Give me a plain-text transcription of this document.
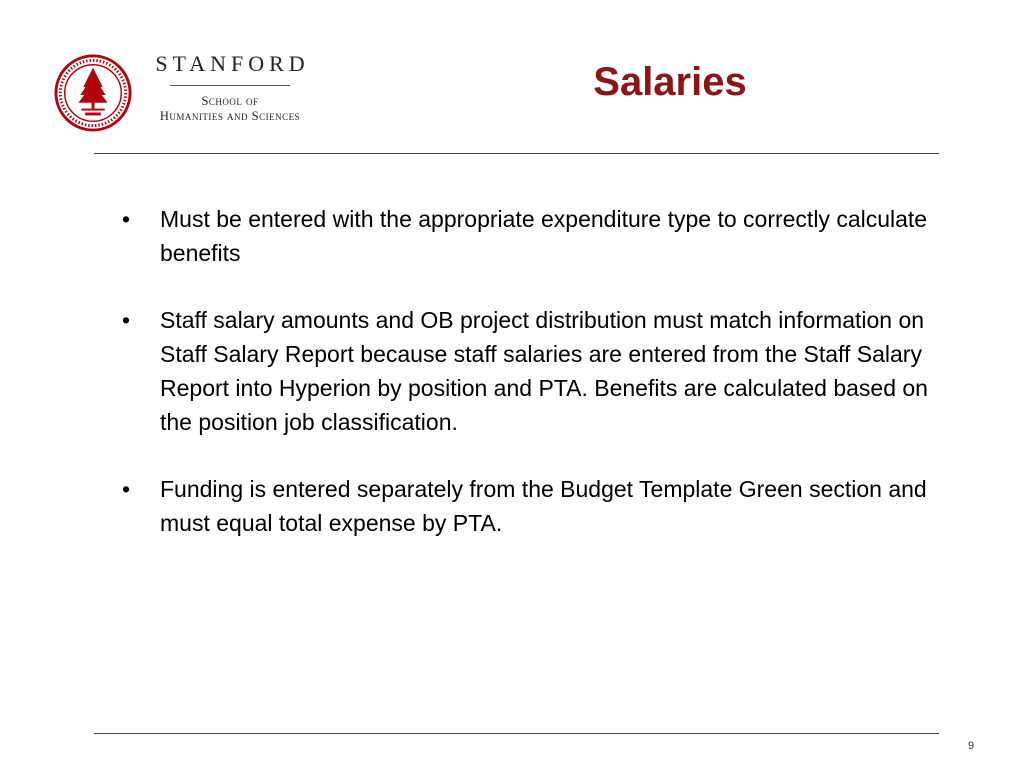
STANFORD
School of
Humanities and Sciences
Salaries
• Must be entered with the appropriate expenditure type to correctly calculate benefits
• Staff salary amounts and OB project distribution must match information on Staff Salary Report because staff salaries are entered from the Staff Salary Report into Hyperion by position and PTA. Benefits are calculated based on the position job classification.
• Funding is entered separately from the Budget Template Green section and must equal total expense by PTA.
9
